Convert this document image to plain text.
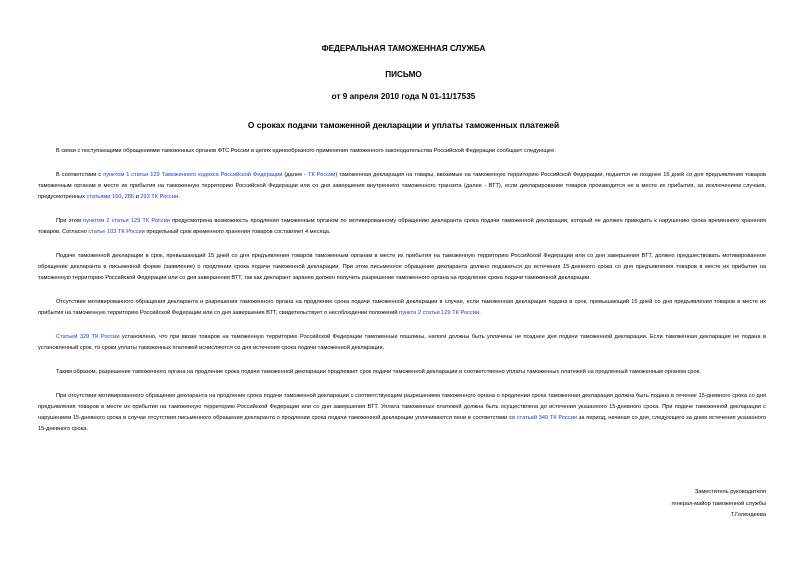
ФЕДЕРАЛЬНАЯ ТАМОЖЕННАЯ СЛУЖБА
ПИСЬМО
от 9 апреля 2010 года N 01-11/17535
О сроках подачи таможенной декларации и уплаты таможенных платежей

В связи с поступающими обращениями таможенных органов ФТС России в целях единообразного применения таможенного законодательства Российской Федерации сообщает следующее.

В соответствии с пунктом 1 статьи 129 Таможенного кодекса Российской Федерации (далее - ТК России) таможенная декларация на товары, ввозимые на таможенную территорию Российской Федерации, подается не позднее 15 дней со дня предъявления товаров таможенным органам в месте их прибытия на таможенную территорию Российской Федерации или со дня завершения внутреннего таможенного транзита (далее - ВТТ), если декларирование товаров производится не в месте их прибытия, за исключением случаев, предусмотренных статьями 150, 286 и 293 ТК России.

При этом пунктом 2 статьи 129 ТК России предусмотрена возможность продления таможенным органом по мотивированному обращению декларанта срока подачи таможенной декларации, который не должен приводить к нарушению срока временного хранения товаров. Согласно статье 103 ТК России предельный срок временного хранения товаров составляет 4 месяца.

Подаче таможенной декларации в срок, превышающий 15 дней со дня предъявления товаров таможенным органам в месте их прибытия на таможенную территорию Российской Федерации или со дня завершения ВТТ, должно предшествовать мотивированное обращение декларанта в письменной форме (заявление) о продлении срока подачи таможенной декларации. При этом письменное обращение декларанта должно подаваться до истечения 15-дневного срока со дня предъявления товаров в месте их прибытия на таможенную территорию Российской Федерации или со дня завершения ВТТ, так как декларант заранее должен получить разрешение таможенного органа на продление срока подачи таможенной декларации.

Отсутствие мотивированного обращения декларанта и разрешения таможенного органа на продление срока подачи таможенной декларации в случае, если таможенная декларация подана в срок, превышающий 15 дней со дня предъявления товаров в месте их прибытия на таможенную территорию Российской Федерации или со дня завершения ВТТ, свидетельствует о несоблюдении положений пункта 2 статьи 129 ТК России.

Статьей 329 ТК России установлено, что при ввозе товаров на таможенную территорию Российской Федерации таможенные пошлины, налоги должны быть уплачены не позднее дня подачи таможенной декларации. Если таможенная декларация не подана в установленный срок, то сроки уплаты таможенных платежей исчисляются со дня истечения срока подачи таможенной декларации.

Таким образом, разрешение таможенного органа на продление срока подачи таможенной декларации продлевает срок подачи таможенной декларации и соответственно уплаты таможенных платежей на продленный таможенным органом срок.

При отсутствии мотивированного обращения декларанта на продление срока подачи таможенной декларации с соответствующим разрешением таможенного органа о продлении срока таможенная декларация должна быть подана в течение 15-дневного срока со дня предъявления товаров в месте их прибытия на таможенную территорию Российской Федерации или со дня завершения ВТТ. Уплата таможенных платежей должна быть осуществлена до истечения указанного 15-дневного срока. При подаче таможенной декларации с нарушением 15-дневного срока в случае отсутствия письменного обращения декларанта о продлении срока подачи таможенной декларации уплачиваются пени в соответствии со статьей 349 ТК России за период, начиная со дня, следующего за днем истечения указанного 15-дневного срока.

Заместитель руководителя
генерал-майор таможенной службы
Т.Голендеева
